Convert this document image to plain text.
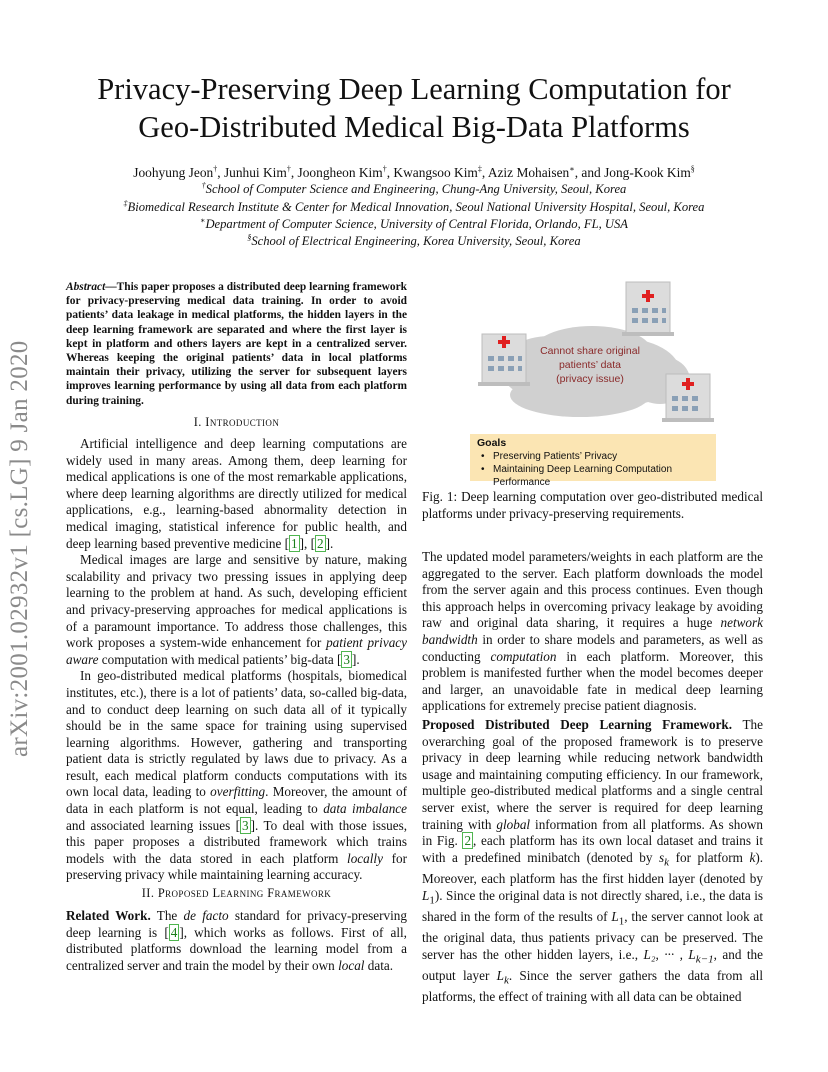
Privacy-Preserving Deep Learning Computation for
Geo-Distributed Medical Big-Data Platforms
Joohyung Jeon†, Junhui Kim†, Joongheon Kim†, Kwangsoo Kim‡, Aziz Mohaisen∗, and Jong-Kook Kim§
†School of Computer Science and Engineering, Chung-Ang University, Seoul, Korea
‡Biomedical Research Institute & Center for Medical Innovation, Seoul National University Hospital, Seoul, Korea
∗Department of Computer Science, University of Central Florida, Orlando, FL, USA
§School of Electrical Engineering, Korea University, Seoul, Korea
arXiv:2001.02932v1 [cs.LG] 9 Jan 2020
Abstract—This paper proposes a distributed deep learning framework for privacy-preserving medical data training. In order to avoid patients’ data leakage in medical platforms, the hidden layers in the deep learning framework are separated and where the first layer is kept in platform and others layers are kept in a centralized server. Whereas keeping the original patients’ data in local platforms maintain their privacy, utilizing the server for subsequent layers improves learning performance by using all data from each platform during training.
I. Introduction

Artificial intelligence and deep learning computations are widely used in many areas. Among them, deep learning for medical applications is one of the most remarkable applications, where deep learning algorithms are directly utilized for medical applications, e.g., learning-based abnormality detection in medical imaging, statistical inference for public health, and deep learning based preventive medicine [ 1 ], [ 2 ].

Medical images are large and sensitive by nature, making scalability and privacy two pressing issues in applying deep learning to the problem at hand. As such, developing efficient and privacy-preserving approaches for medical applications is of a paramount importance. To address those challenges, this work proposes a system-wide enhancement for patient privacy aware computation with medical patients’ big-data [ 3 ].

In geo-distributed medical platforms (hospitals, biomedical institutes, etc.), there is a lot of patients’ data, so-called big-data, and to conduct deep learning on such data all of it typically should be in the same space for training using supervised learning algorithms. However, gathering and transporting patient data is strictly regulated by laws due to privacy. As a result, each medical platform conducts computations with its own local data, leading to overfitting. Moreover, the amount of data in each platform is not equal, leading to data imbalance and associated learning issues [ 3 ]. To deal with those issues, this paper proposes a distributed framework which trains models with the data stored in each platform locally for preserving privacy while maintaining learning accuracy.

II. Proposed Learning Framework

Related Work. The de facto standard for privacy-preserving deep learning is [ 4 ], which works as follows. First of all, distributed platforms download the learning model from a centralized server and train the model by their own local data.

Cannot share original
patients’ data
(privacy issue)
Goals
• Preserving Patients’ Privacy
• Maintaining Deep Learning Computation Performance
Fig. 1: Deep learning computation over geo-distributed medical platforms under privacy-preserving requirements.

The updated model parameters/weights in each platform are the aggregated to the server. Each platform downloads the model from the server again and this process continues. Even though this approach helps in overcoming privacy leakage by avoiding raw and original data sharing, it requires a huge network bandwidth in order to share models and parameters, as well as conducting computation in each platform. Moreover, this problem is manifested further when the model becomes deeper and larger, an unavoidable fate in medical deep learning applications for extremely precise patient diagnosis.

Proposed Distributed Deep Learning Framework. The overarching goal of the proposed framework is to preserve privacy in deep learning while reducing network bandwidth usage and maintaining computing efficiency. In our framework, multiple geo-distributed medical platforms and a single central server exist, where the server is required for deep learning training with global information from all platforms. As shown in Fig. 2 , each platform has its own local dataset and trains it with a predefined minibatch (denoted by $s_k$ for platform k). Moreover, each platform has the first hidden layer (denoted by $L_1$). Since the original data is not directly shared, i.e., the data is shared in the form of the results of $L_1$, the server cannot look at the original data, thus patients privacy can be preserved. The server has the other hidden layers, i.e., L₂, ··· , $L_{k-1}$, and the output layer $L_k$. Since the server gathers the data from all platforms, the effect of training with all data can be obtained
